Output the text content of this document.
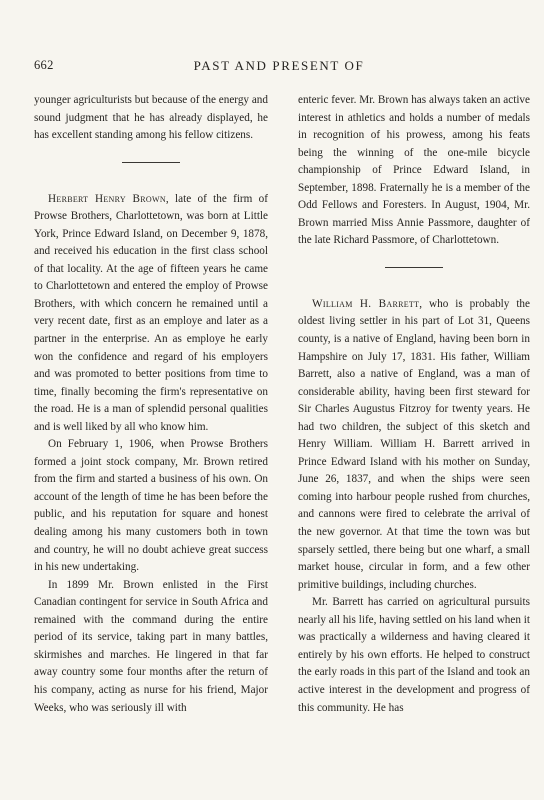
662	PAST AND PRESENT OF

younger agriculturists but because of the energy and sound judgment that he has already displayed, he has excellent standing among his fellow citizens.

Herbert Henry Brown, late of the firm of Prowse Brothers, Charlottetown, was born at Little York, Prince Edward Island, on December 9, 1878, and received his education in the first class school of that locality. At the age of fifteen years he came to Charlottetown and entered the employ of Prowse Brothers, with which concern he remained until a very recent date, first as an employe and later as a partner in the enterprise. An as employe he early won the confidence and regard of his employers and was promoted to better positions from time to time, finally becoming the firm's representative on the road. He is a man of splendid personal qualities and is well liked by all who know him.

On February 1, 1906, when Prowse Brothers formed a joint stock company, Mr. Brown retired from the firm and started a business of his own. On account of the length of time he has been before the public, and his reputation for square and honest dealing among his many customers both in town and country, he will no doubt achieve great success in his new undertaking.

In 1899 Mr. Brown enlisted in the First Canadian contingent for service in South Africa and remained with the command during the entire period of its service, taking part in many battles, skirmishes and marches. He lingered in that far away country some four months after the return of his company, acting as nurse for his friend, Major Weeks, who was seriously ill with

enteric fever. Mr. Brown has always taken an active interest in athletics and holds a number of medals in recognition of his prowess, among his feats being the winning of the one-mile bicycle championship of Prince Edward Island, in September, 1898. Fraternally he is a member of the Odd Fellows and Foresters. In August, 1904, Mr. Brown married Miss Annie Passmore, daughter of the late Richard Passmore, of Charlottetown.

William H. Barrett, who is probably the oldest living settler in his part of Lot 31, Queens county, is a native of England, having been born in Hampshire on July 17, 1831. His father, William Barrett, also a native of England, was a man of considerable ability, having been first steward for Sir Charles Augustus Fitzroy for twenty years. He had two children, the subject of this sketch and Henry William. William H. Barrett arrived in Prince Edward Island with his mother on Sunday, June 26, 1837, and when the ships were seen coming into harbour people rushed from churches, and cannons were fired to celebrate the arrival of the new governor. At that time the town was but sparsely settled, there being but one wharf, a small market house, circular in form, and a few other primitive buildings, including churches.

Mr. Barrett has carried on agricultural pursuits nearly all his life, having settled on his land when it was practically a wilderness and having cleared it entirely by his own efforts. He helped to construct the early roads in this part of the Island and took an active interest in the development and progress of this community. He has
